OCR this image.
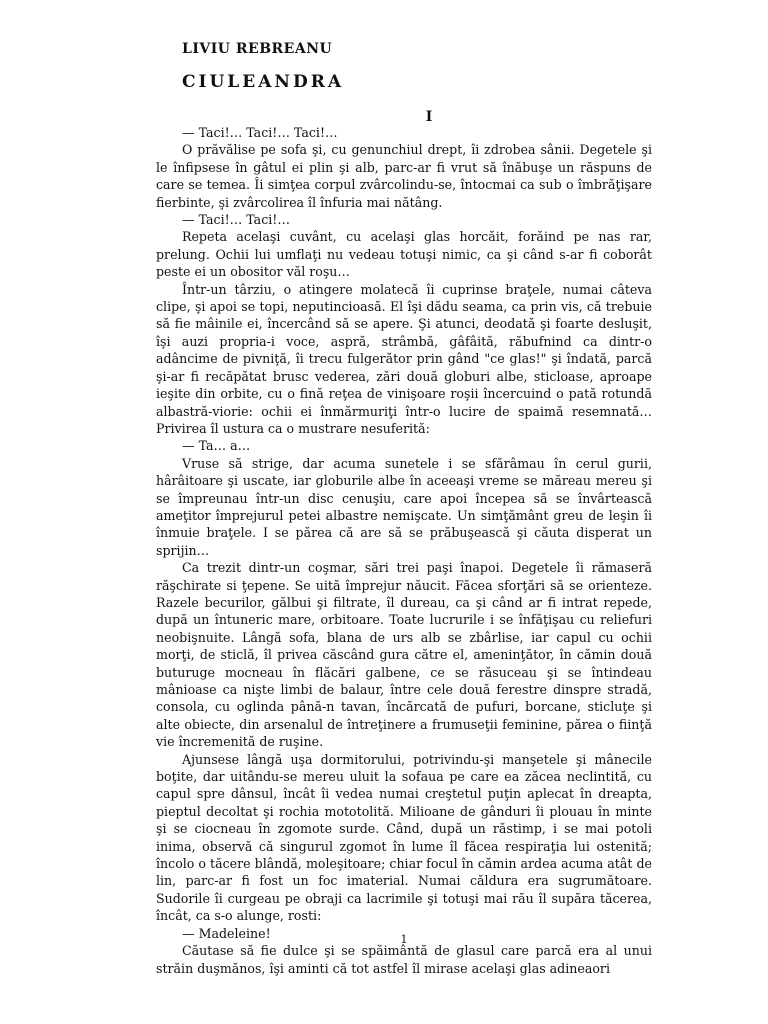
LIVIU REBREANU
CIULEANDRA
I

— Taci!… Taci!… Taci!…

O prăvălise pe sofa şi, cu genunchiul drept, îi zdrobea sânii. Degetele şi le înfipsese în gâtul ei plin şi alb, parc-ar fi vrut să înăbuşe un răspuns de care se temea. Îi simţea corpul zvârcolindu-se, întocmai ca sub o îmbrăţişare fierbinte, şi zvârcolirea îl înfuria mai nătâng.

— Taci!… Taci!…

Repeta acelaşi cuvânt, cu acelaşi glas horcăit, forăind pe nas rar, prelung. Ochii lui umflaţi nu vedeau totuşi nimic, ca şi când s-ar fi coborât peste ei un obositor văl roşu…

Într-un târziu, o atingere molatecă îi cuprinse braţele, numai câteva clipe, şi apoi se topi, neputincioasă. El îşi dădu seama, ca prin vis, că trebuie să fie mâinile ei, încercând să se apere. Şi atunci, deodată şi foarte desluşit, îşi auzi propria-i voce, aspră, strâmbă, gâfâită, răbufnind ca dintr-o adâncime de pivniţă, îi trecu fulgerător prin gând "ce glas!" şi îndată, parcă şi-ar fi recăpătat brusc vederea, zări două globuri albe, sticloase, aproape ieşite din orbite, cu o fină reţea de vinişoare roşii încercuind o pată rotundă albastră-viorie: ochii ei înmărmuriţi într-o lucire de spaimă resemnată… Privirea îl ustura ca o mustrare nesuferită:

— Ta… a…

Vruse să strige, dar acuma sunetele i se sfărâmau în cerul gurii, hârâitoare şi uscate, iar globurile albe în aceeaşi vreme se măreau mereu şi se împreunau într-un disc cenuşiu, care apoi începea să se învârtească ameţitor împrejurul petei albastre nemişcate. Un simţământ greu de leşin îi înmuie braţele. I se părea că are să se prăbuşească şi căuta disperat un sprijin…

Ca trezit dintr-un coşmar, sări trei paşi înapoi. Degetele îi rămaseră răşchirate si ţepene. Se uită împrejur năucit. Făcea sforţări să se orienteze. Razele becurilor, gălbui şi filtrate, îl dureau, ca şi când ar fi intrat repede, după un întuneric mare, orbitoare. Toate lucrurile i se înfăţişau cu reliefuri neobişnuite. Lângă sofa, blana de urs alb se zbârlise, iar capul cu ochii morţi, de sticlă, îl privea căscând gura către el, ameninţător, în cămin două buturuge mocneau în flăcări galbene, ce se răsuceau şi se întindeau mânioase ca nişte limbi de balaur, între cele două ferestre dinspre stradă, consola, cu oglinda până-n tavan, încărcată de pufuri, borcane, sticluţe şi alte obiecte, din arsenalul de întreţinere a frumuseţii feminine, părea o fiinţă vie încremenită de ruşine.

Ajunsese lângă uşa dormitorului, potrivindu-şi manşetele şi mânecile boţite, dar uitându-se mereu uluit la sofaua pe care ea zăcea neclintită, cu capul spre dânsul, încât îi vedea numai creştetul puţin aplecat în dreapta, pieptul decoltat şi rochia mototolită. Milioane de gânduri îi plouau în minte şi se ciocneau în zgomote surde. Când, după un răstimp, i se mai potoli inima, observă că singurul zgomot în lume îl făcea respiraţia lui ostenită; încolo o tăcere blândă, moleşitoare; chiar focul în cămin ardea acuma atât de lin, parc-ar fi fost un foc imaterial. Numai căldura era sugrumătoare. Sudorile îi curgeau pe obraji ca lacrimile şi totuşi mai rău îl supăra tăcerea, încât, ca s-o alunge, rosti:

— Madeleine!

Căutase să fie dulce şi se spăimântă de glasul care parcă era al unui străin duşmănos, îşi aminti că tot astfel îl mirase acelaşi glas adineaori

1
